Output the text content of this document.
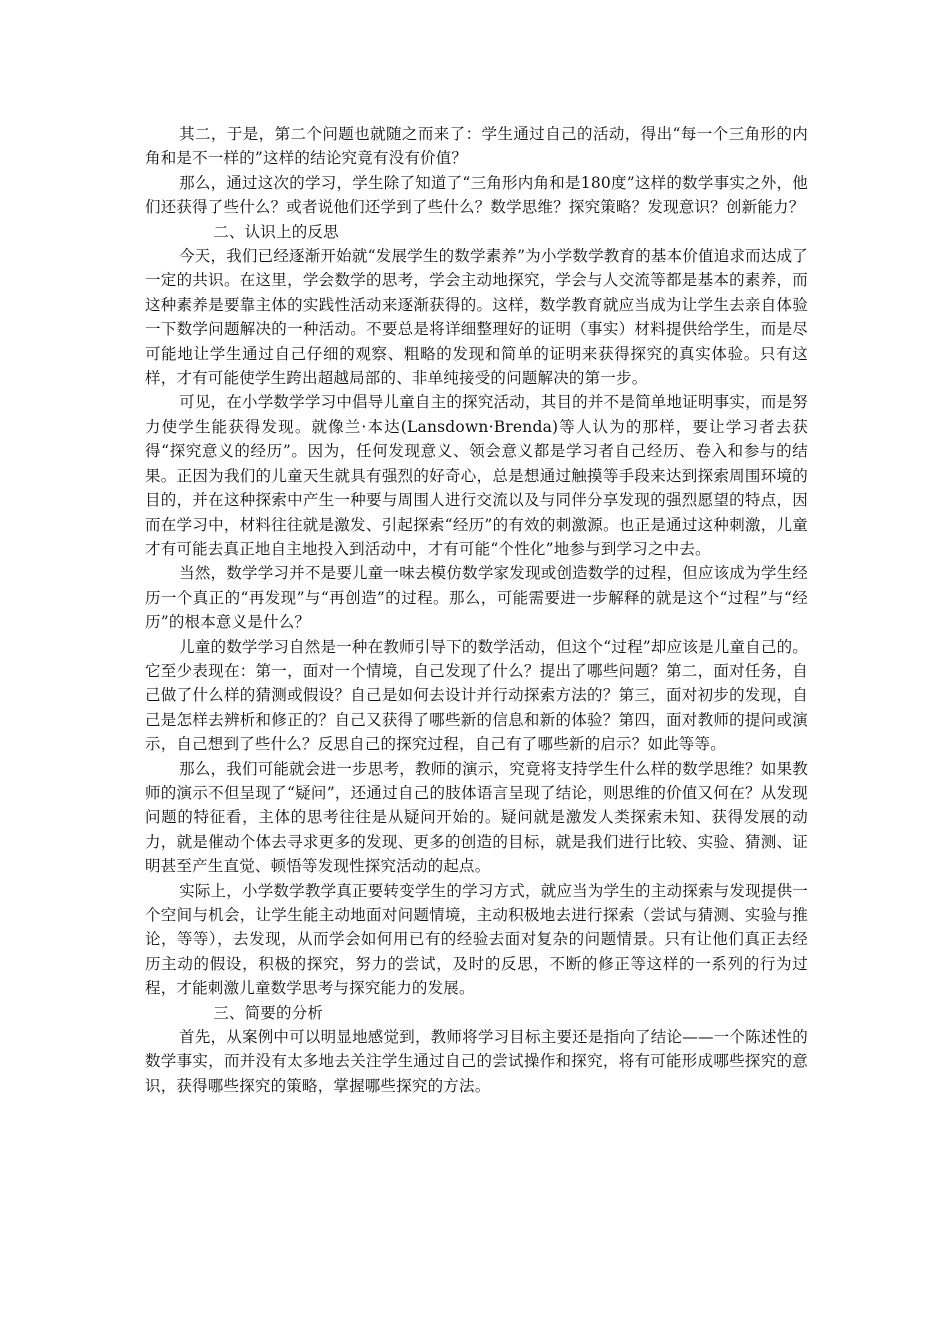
其二，于是，第二个问题也就随之而来了：学生通过自己的活动，得出“每一个三角形的内角和是不一样的”这样的结论究竟有没有价值？

那么，通过这次的学习，学生除了知道了“三角形内角和是180度”这样的数学事实之外，他们还获得了些什么？或者说他们还学到了些什么？数学思维？探究策略？发现意识？创新能力？

二、认识上的反思

今天，我们已经逐渐开始就“发展学生的数学素养”为小学数学教育的基本价值追求而达成了一定的共识。在这里，学会数学的思考，学会主动地探究，学会与人交流等都是基本的素养，而这种素养是要靠主体的实践性活动来逐渐获得的。这样，数学教育就应当成为让学生去亲自体验一下数学问题解决的一种活动。不要总是将详细整理好的证明（事实）材料提供给学生，而是尽可能地让学生通过自己仔细的观察、粗略的发现和简单的证明来获得探究的真实体验。只有这样，才有可能使学生跨出超越局部的、非单纯接受的问题解决的第一步。

可见，在小学数学学习中倡导儿童自主的探究活动，其目的并不是简单地证明事实，而是努力使学生能获得发现。就像兰·本达(Lansdown·Brenda)等人认为的那样，要让学习者去获得“探究意义的经历”。因为，任何发现意义、领会意义都是学习者自己经历、卷入和参与的结果。正因为我们的儿童天生就具有强烈的好奇心，总是想通过触摸等手段来达到探索周围环境的目的，并在这种探索中产生一种要与周围人进行交流以及与同伴分享发现的强烈愿望的特点，因而在学习中，材料往往就是激发、引起探索“经历”的有效的刺激源。也正是通过这种刺激，儿童才有可能去真正地自主地投入到活动中，才有可能“个性化”地参与到学习之中去。

当然，数学学习并不是要儿童一味去模仿数学家发现或创造数学的过程，但应该成为学生经历一个真正的“再发现”与“再创造”的过程。那么，可能需要进一步解释的就是这个“过程”与“经历”的根本意义是什么？

儿童的数学学习自然是一种在教师引导下的数学活动，但这个“过程”却应该是儿童自己的。它至少表现在：第一，面对一个情境，自己发现了什么？提出了哪些问题？第二，面对任务，自己做了什么样的猜测或假设？自己是如何去设计并行动探索方法的？第三，面对初步的发现，自己是怎样去辨析和修正的？自己又获得了哪些新的信息和新的体验？第四，面对教师的提问或演示，自己想到了些什么？反思自己的探究过程，自己有了哪些新的启示？如此等等。

那么，我们可能就会进一步思考，教师的演示，究竟将支持学生什么样的数学思维？如果教师的演示不但呈现了“疑问”，还通过自己的肢体语言呈现了结论，则思维的价值又何在？从发现问题的特征看，主体的思考往往是从疑问开始的。疑问就是激发人类探索未知、获得发展的动力，就是催动个体去寻求更多的发现、更多的创造的目标，就是我们进行比较、实验、猜测、证明甚至产生直觉、顿悟等发现性探究活动的起点。

实际上，小学数学教学真正要转变学生的学习方式，就应当为学生的主动探索与发现提供一个空间与机会，让学生能主动地面对问题情境，主动积极地去进行探索（尝试与猜测、实验与推论，等等），去发现，从而学会如何用已有的经验去面对复杂的问题情景。只有让他们真正去经历主动的假设，积极的探究，努力的尝试，及时的反思，不断的修正等这样的一系列的行为过程，才能刺激儿童数学思考与探究能力的发展。

三、简要的分析

首先，从案例中可以明显地感觉到，教师将学习目标主要还是指向了结论——一个陈述性的数学事实，而并没有太多地去关注学生通过自己的尝试操作和探究，将有可能形成哪些探究的意识，获得哪些探究的策略，掌握哪些探究的方法。
